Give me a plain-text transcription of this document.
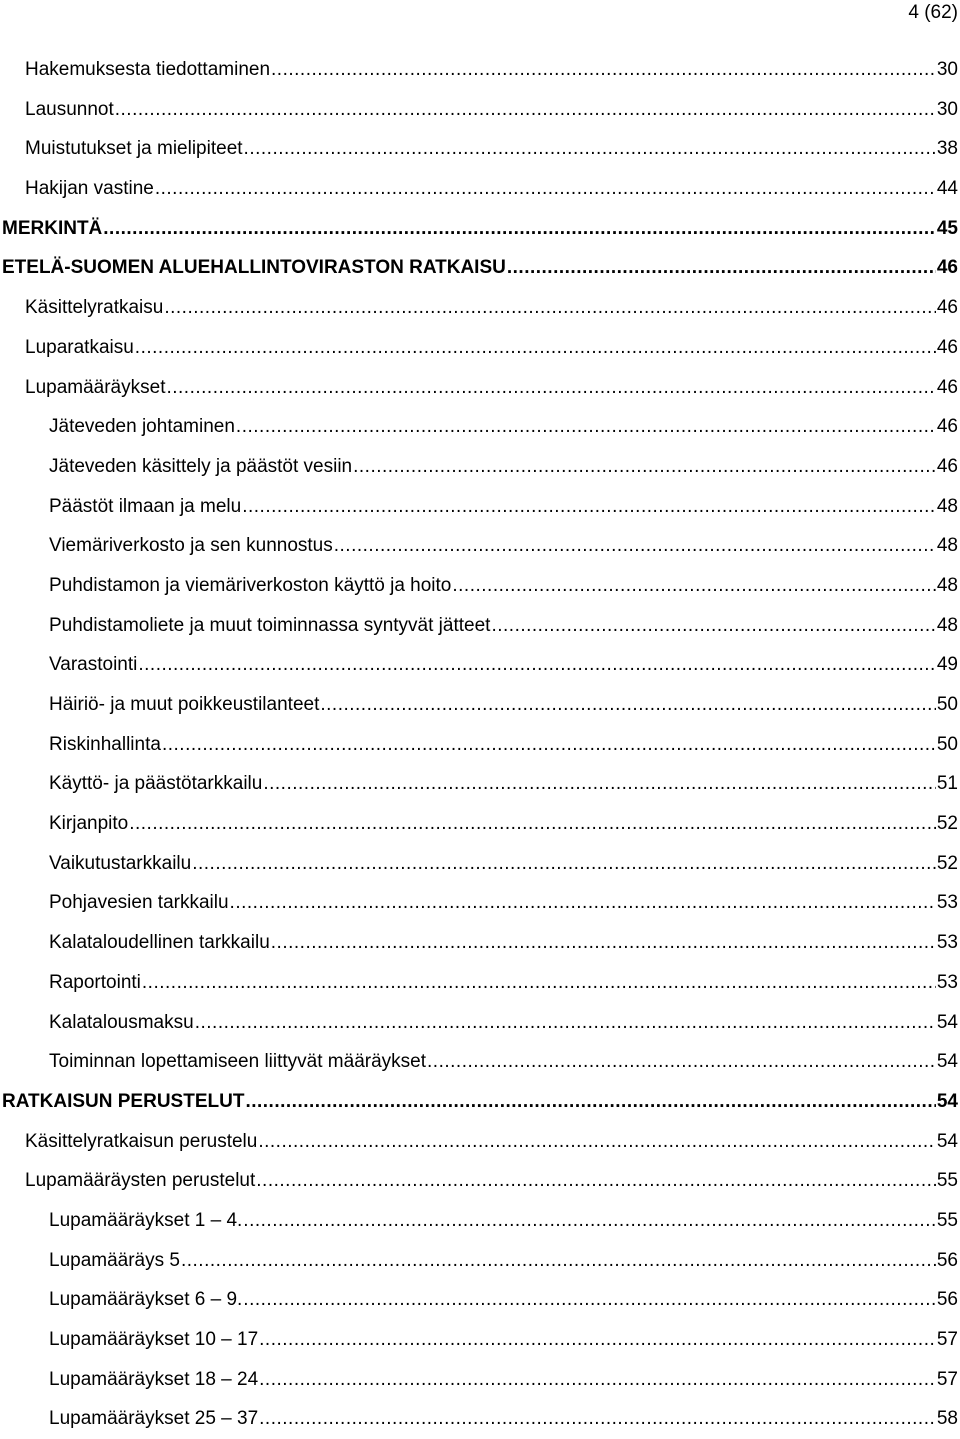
4 (62)
Hakemuksesta tiedottaminen .....	30
Lausunnot .....	30
Muistutukset ja mielipiteet .....	38
Hakijan vastine .....	44
MERKINTÄ .....	45
ETELÄ-SUOMEN ALUEHALLINTOVIRASTON RATKAISU .....	46
Käsittelyratkaisu .....	46
Luparatkaisu .....	46
Lupamääräykset .....	46
Jäteveden johtaminen .....	46
Jäteveden käsittely ja päästöt vesiin .....	46
Päästöt ilmaan ja melu .....	48
Viemäriverkosto ja sen kunnostus .....	48
Puhdistamon ja viemäriverkoston käyttö ja hoito .....	48
Puhdistamoliete ja muut toiminnassa syntyvät jätteet .....	48
Varastointi .....	49
Häiriö- ja muut poikkeustilanteet .....	50
Riskinhallinta .....	50
Käyttö- ja päästötarkkailu .....	51
Kirjanpito .....	52
Vaikutustarkkailu .....	52
Pohjavesien tarkkailu .....	53
Kalataloudellinen tarkkailu .....	53
Raportointi .....	53
Kalatalousmaksu .....	54
Toiminnan lopettamiseen liittyvät määräykset .....	54
RATKAISUN PERUSTELUT .....	54
Käsittelyratkaisun perustelu .....	54
Lupamääräysten perustelut .....	55
Lupamääräykset 1 – 4. .....	55
Lupamääräys 5 .....	56
Lupamääräykset 6 – 9. .....	56
Lupamääräykset 10 – 17 .....	57
Lupamääräykset 18 – 24 .....	57
Lupamääräykset 25 – 37 .....	58
